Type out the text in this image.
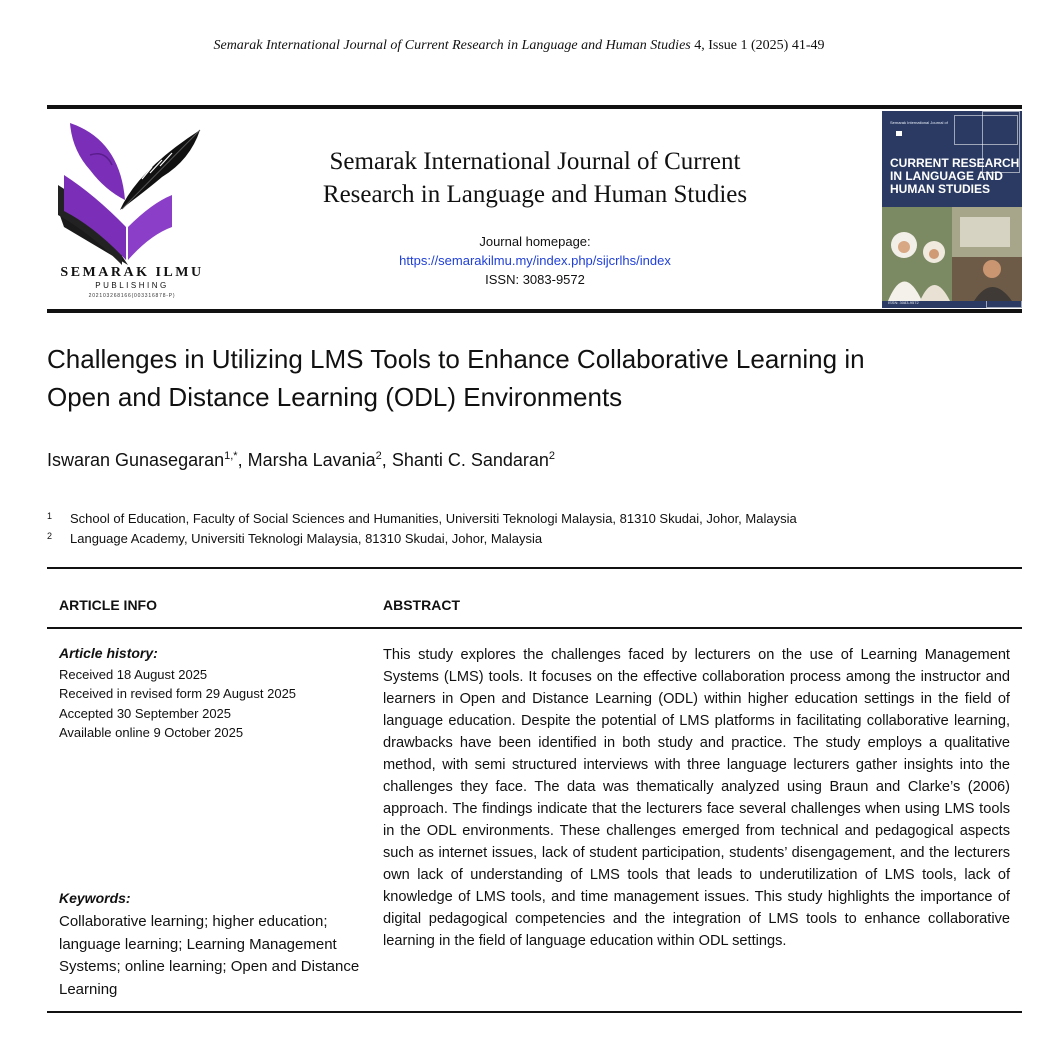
Semarak International Journal of Current Research in Language and Human Studies 4, Issue 1 (2025) 41-49
SEMARAK ILMU
PUBLISHING
202103268166(003316878-P)
Semarak International Journal of Current
Research in Language and Human Studies
Journal homepage:
https://semarakilmu.my/index.php/sijcrlhs/index
ISSN: 3083-9572
Semarak International Journal of
CURRENT RESEARCH
IN LANGUAGE AND
HUMAN STUDIES
ISSN: 3083-9572
Challenges in Utilizing LMS Tools to Enhance Collaborative Learning in
Open and Distance Learning (ODL) Environments
Iswaran Gunasegaran$^{1,*}$, Marsha Lavania$^2$, Shanti C. Sandaran$^2$
1 School of Education, Faculty of Social Sciences and Humanities, Universiti Teknologi Malaysia, 81310 Skudai, Johor, Malaysia
2 Language Academy, Universiti Teknologi Malaysia, 81310 Skudai, Johor, Malaysia
ARTICLE INFO	ABSTRACT
Article history:
Received 18 August 2025
Received in revised form 29 August 2025
Accepted 30 September 2025
Available online 9 October 2025
Keywords:
Collaborative learning; higher education; language learning; Learning Management Systems; online learning; Open and Distance Learning

This study explores the challenges faced by lecturers on the use of Learning Management Systems (LMS) tools. It focuses on the effective collaboration process among the instructor and learners in Open and Distance Learning (ODL) within higher education settings in the field of language education. Despite the potential of LMS platforms in facilitating collaborative learning, drawbacks have been identified in both study and practice. The study employs a qualitative method, with semi structured interviews with three language lecturers gather insights into the challenges they face. The data was thematically analyzed using Braun and Clarke’s (2006) approach. The findings indicate that the lecturers face several challenges when using LMS tools in the ODL environments. These challenges emerged from technical and pedagogical aspects such as internet issues, lack of student participation, students’ disengagement, and the lecturers own lack of understanding of LMS tools that leads to underutilization of LMS tools, lack of knowledge of LMS tools, and time management issues. This study highlights the importance of digital pedagogical competencies and the integration of LMS tools to enhance collaborative learning in the field of language education within ODL settings.
